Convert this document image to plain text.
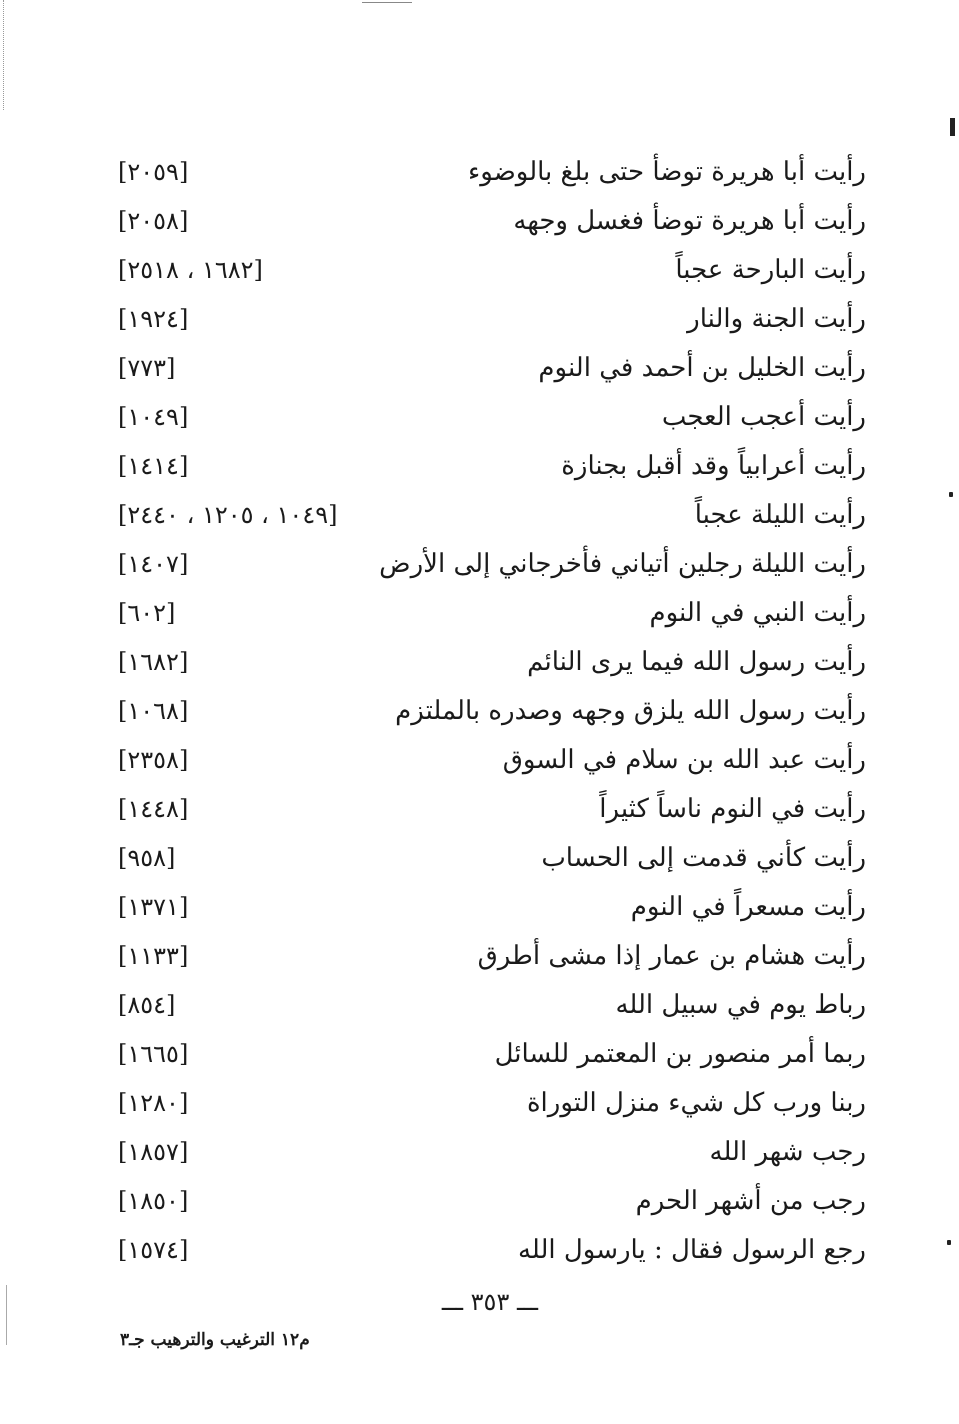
[٢٠٥٩]	رأيت أبا هريرة توضأ حتى بلغ بالوضوء
[٢٠٥٨]	رأيت أبا هريرة توضأ فغسل وجهه
[١٦٨٢ ، ٢٥١٨]	رأيت البارحة عجباً
[١٩٢٤]	رأيت الجنة والنار
[٧٧٣]	رأيت الخليل بن أحمد في النوم
[١٠٤٩]	رأيت أعجب العجب
[١٤١٤]	رأيت أعرابياً وقد أقبل بجنازة
[١٠٤٩ ، ١٢٠٥ ، ٢٤٤٠]	رأيت الليلة عجباً
[١٤٠٧]	رأيت الليلة رجلين أتياني فأخرجاني إلى الأرض
[٦٠٢]	رأيت النبي في النوم
[١٦٨٢]	رأيت رسول الله فيما يرى النائم
[١٠٦٨]	رأيت رسول الله يلزق وجهه وصدره بالملتزم
[٢٣٥٨]	رأيت عبد الله بن سلام في السوق
[١٤٤٨]	رأيت في النوم ناساً كثيراً
[٩٥٨]	رأيت كأني قدمت إلى الحساب
[١٣٧١]	رأيت مسعراً في النوم
[١١٣٣]	رأيت هشام بن عمار إذا مشى أطرق
[٨٥٤]	رباط يوم في سبيل الله
[١٦٦٥]	ربما أمر منصور بن المعتمر للسائل
[١٢٨٠]	ربنا ورب كل شيء منزل التوراة
[١٨٥٧]	رجب شهر الله
[١٨٥٠]	رجب من أشهر الحرم
[١٥٧٤]	رجع الرسول فقال : يارسول الله
ـــ ٣٥٣ ـــ
م١٢ الترغيب والترهيب جـ٣
